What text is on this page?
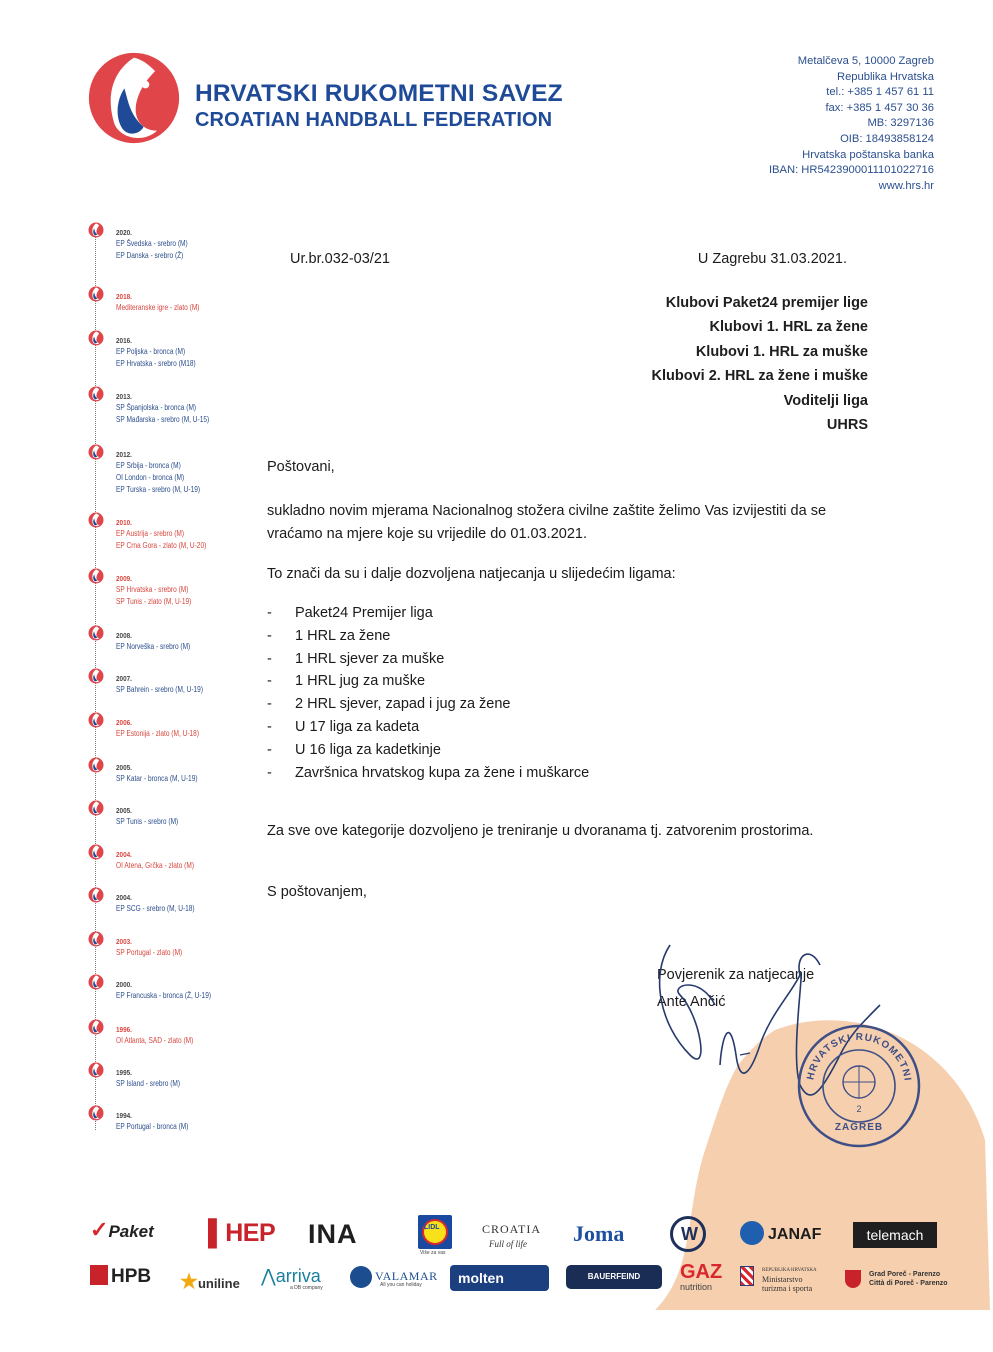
HRVATSKI RUKOMETNI SAVEZ
CROATIAN HANDBALL FEDERATION
Metalčeva 5, 10000 Zagreb
Republika Hrvatska
tel.: +385 1 457 61 11
fax: +385 1 457 30 36
MB: 3297136
OIB: 18493858124
Hrvatska poštanska banka
IBAN: HR5423900011101022716
www.hrs.hr
2020.
EP Švedska - srebro (M)
EP Danska - srebro (Ž)
2018.
Mediteranske igre - zlato (M)
2016.
EP Poljska - bronca (M)
EP Hrvatska - srebro (M18)
2013.
SP Španjolska - bronca (M)
SP Mađarska - srebro (M, U-15)
2012.
EP Srbija - bronca (M)
OI London - bronca (M)
EP Turska - srebro (M, U-19)
2010.
EP Austrija - srebro (M)
EP Crna Gora - zlato (M, U-20)
2009.
SP Hrvatska - srebro (M)
SP Tunis - zlato (M, U-19)
2008.
EP Norveška - srebro (M)
2007.
SP Bahrein - srebro (M, U-19)
2006.
EP Estonija - zlato (M, U-18)
2005.
SP Katar - bronca (M, U-19)
2005.
SP Tunis - srebro (M)
2004.
OI Atena, Grčka - zlato (M)
2004.
EP SCG - srebro (M, U-18)
2003.
SP Portugal - zlato (M)
2000.
EP Francuska - bronca (Ž, U-19)
1996.
OI Atlanta, SAD - zlato (M)
1995.
SP Island - srebro (M)
1994.
EP Portugal - bronca (M)
Ur.br.032-03/21	U Zagrebu 31.03.2021.
Klubovi Paket24 premijer lige
Klubovi 1. HRL za žene
Klubovi 1. HRL za muške
Klubovi 2. HRL za žene i muške
Voditelji liga
UHRS
Poštovani,
sukladno novim mjerama Nacionalnog stožera civilne zaštite želimo Vas izvijestiti da se vraćamo na mjere koje su vrijedile do 01.03.2021.
To znači da su i dalje dozvoljena natjecanja u slijedećim ligama:
- Paket24 Premijer liga
- 1 HRL za žene
- 1 HRL sjever za muške
- 1 HRL jug za muške
- 2 HRL sjever, zapad i jug za žene
- U 17 liga za kadeta
- U 16 liga za kadetkinje
- Završnica hrvatskog kupa za žene i muškarce
Za sve ove kategorije dozvoljeno je treniranje u dvoranama tj. zatvorenim prostorima.
S poštovanjem,
Povjerenik za natjecanje
Ante Ančić
HRVATSKI RUKOMETNI
2
ZAGREB
✓Paket ▌HEP INA	LIDL
Više za vas
CROATIA
Full of life Joma	W	JANAF	telemach
HPB ★uniline ⋀arriva
a DB company
VALAMAR
All you can holiday	molten	BAUERFEIND	GAZ
nutrition

REPUBLIKA HRVATSKA
Ministarstvo
turizma i sporta

Grad Poreč - Parenzo
Città di Poreč - Parenzo
